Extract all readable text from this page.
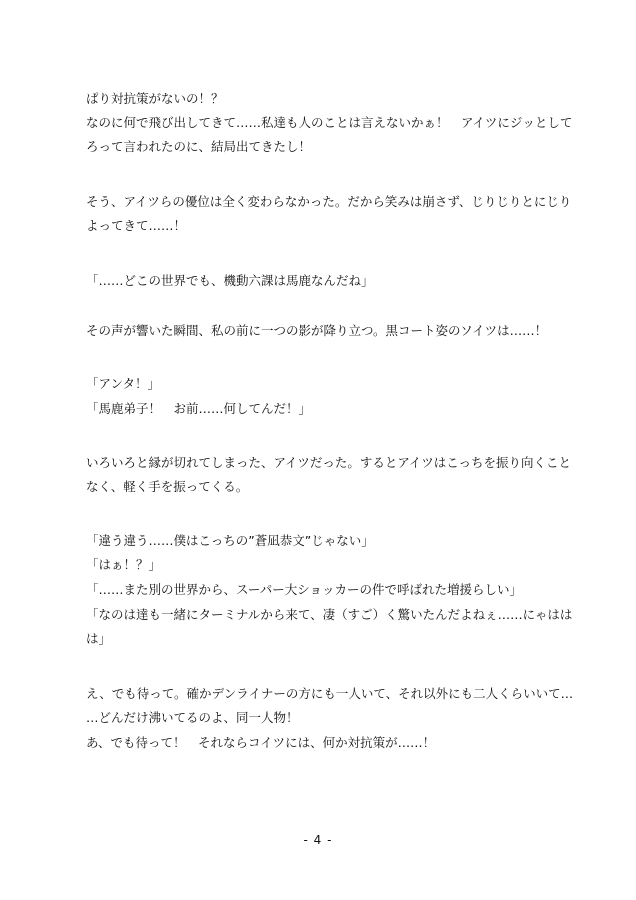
ぱり対抗策がないの！？
なのに何で飛び出してきて……私達も人のことは言えないかぁ！　アイツにジッとして
ろって言われたのに、結局出てきたし！
そう、アイツらの優位は全く変わらなかった。だから笑みは崩さず、じりじりとにじり
よってきて……！
「……どこの世界でも、機動六課は馬鹿なんだね」
その声が響いた瞬間、私の前に一つの影が降り立つ。黒コート姿のソイツは……！
「アンタ！」
「馬鹿弟子！　お前……何してんだ！」
いろいろと縁が切れてしまった、アイツだった。するとアイツはこっちを振り向くこと
なく、軽く手を振ってくる。
「違う違う……僕はこっちの”蒼凪恭文”じゃない」
「はぁ！？」
「……また別の世界から、スーパー大ショッカーの件で呼ばれた増援らしい」
「なのは達も一緒にターミナルから来て、凄（すご）く驚いたんだよねぇ……にゃはは
は」
え、でも待って。確かデンライナーの方にも一人いて、それ以外にも二人くらいいて…
…どんだけ沸いてるのよ、同一人物！
あ、でも待って！　それならコイツには、何か対抗策が……！
- 4 -
